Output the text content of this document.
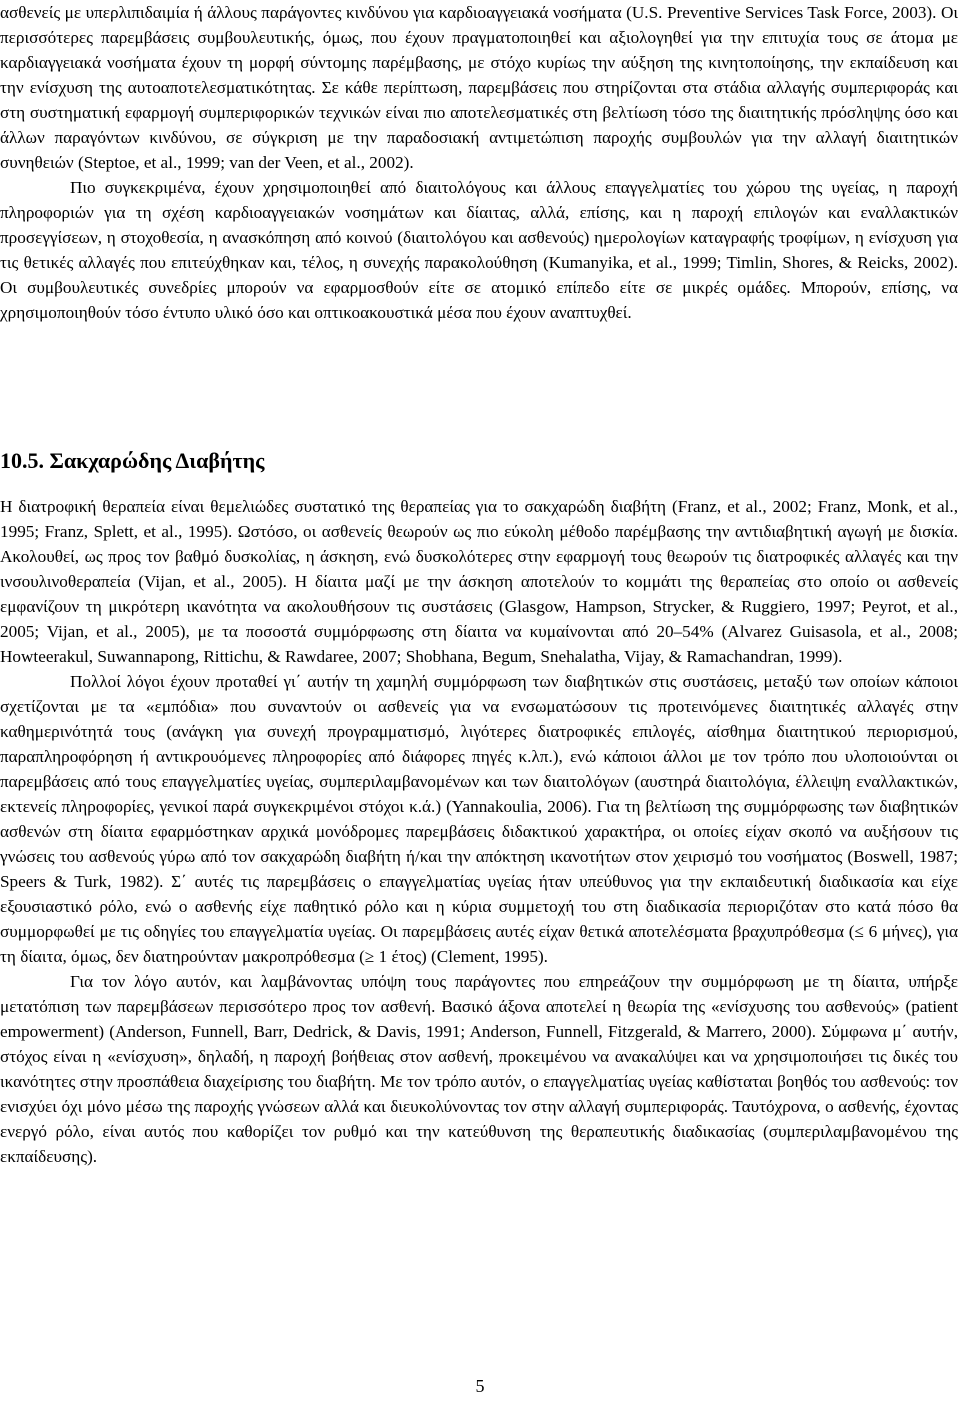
ασθενείς με υπερλιπιδαιμία ή άλλους παράγοντες κινδύνου για καρδιοαγγειακά νοσήματα (U.S. Preventive Services Task Force, 2003). Οι περισσότερες παρεμβάσεις συμβουλευτικής, όμως, που έχουν πραγματοποιηθεί και αξιολογηθεί για την επιτυχία τους σε άτομα με καρδιαγγειακά νοσήματα έχουν τη μορφή σύντομης παρέμβασης, με στόχο κυρίως την αύξηση της κινητοποίησης, την εκπαίδευση και την ενίσχυση της αυτοαποτελεσματικότητας. Σε κάθε περίπτωση, παρεμβάσεις που στηρίζονται στα στάδια αλλαγής συμπεριφοράς και στη συστηματική εφαρμογή συμπεριφορικών τεχνικών είναι πιο αποτελεσματικές στη βελτίωση τόσο της διαιτητικής πρόσληψης όσο και άλλων παραγόντων κινδύνου, σε σύγκριση με την παραδοσιακή αντιμετώπιση παροχής συμβουλών για την αλλαγή διαιτητικών συνηθειών (Steptoe, et al., 1999; van der Veen, et al., 2002).

Πιο συγκεκριμένα, έχουν χρησιμοποιηθεί από διαιτολόγους και άλλους επαγγελματίες του χώρου της υγείας, η παροχή πληροφοριών για τη σχέση καρδιοαγγειακών νοσημάτων και δίαιτας, αλλά, επίσης, και η παροχή επιλογών και εναλλακτικών προσεγγίσεων, η στοχοθεσία, η ανασκόπηση από κοινού (διαιτολόγου και ασθενούς) ημερολογίων καταγραφής τροφίμων, η ενίσχυση για τις θετικές αλλαγές που επιτεύχθηκαν και, τέλος, η συνεχής παρακολούθηση (Kumanyika, et al., 1999; Timlin, Shores, & Reicks, 2002). Οι συμβουλευτικές συνεδρίες μπορούν να εφαρμοσθούν είτε σε ατομικό επίπεδο είτε σε μικρές ομάδες. Μπορούν, επίσης, να χρησιμοποιηθούν τόσο έντυπο υλικό όσο και οπτικοακουστικά μέσα που έχουν αναπτυχθεί.

10.5. Σακχαρώδης Διαβήτης

Η διατροφική θεραπεία είναι θεμελιώδες συστατικό της θεραπείας για το σακχαρώδη διαβήτη (Franz, et al., 2002; Franz, Monk, et al., 1995; Franz, Splett, et al., 1995). Ωστόσο, οι ασθενείς θεωρούν ως πιο εύκολη μέθοδο παρέμβασης την αντιδιαβητική αγωγή με δισκία. Ακολουθεί, ως προς τον βαθμό δυσκολίας, η άσκηση, ενώ δυσκολότερες στην εφαρμογή τους θεωρούν τις διατροφικές αλλαγές και την ινσουλινοθεραπεία (Vijan, et al., 2005). Η δίαιτα μαζί με την άσκηση αποτελούν το κομμάτι της θεραπείας στο οποίο οι ασθενείς εμφανίζουν τη μικρότερη ικανότητα να ακολουθήσουν τις συστάσεις (Glasgow, Hampson, Strycker, & Ruggiero, 1997; Peyrot, et al., 2005; Vijan, et al., 2005), με τα ποσοστά συμμόρφωσης στη δίαιτα να κυμαίνονται από 20–54% (Alvarez Guisasola, et al., 2008; Howteerakul, Suwannapong, Rittichu, & Rawdaree, 2007; Shobhana, Begum, Snehalatha, Vijay, & Ramachandran, 1999).

Πολλοί λόγοι έχουν προταθεί γι΄ αυτήν τη χαμηλή συμμόρφωση των διαβητικών στις συστάσεις, μεταξύ των οποίων κάποιοι σχετίζονται με τα «εμπόδια» που συναντούν οι ασθενείς για να ενσωματώσουν τις προτεινόμενες διαιτητικές αλλαγές στην καθημερινότητά τους (ανάγκη για συνεχή προγραμματισμό, λιγότερες διατροφικές επιλογές, αίσθημα διαιτητικού περιορισμού, παραπληροφόρηση ή αντικρουόμενες πληροφορίες από διάφορες πηγές κ.λπ.), ενώ κάποιοι άλλοι με τον τρόπο που υλοποιούνται οι παρεμβάσεις από τους επαγγελματίες υγείας, συμπεριλαμβανομένων και των διαιτολόγων (αυστηρά διαιτολόγια, έλλειψη εναλλακτικών, εκτενείς πληροφορίες, γενικοί παρά συγκεκριμένοι στόχοι κ.ά.) (Yannakoulia, 2006). Για τη βελτίωση της συμμόρφωσης των διαβητικών ασθενών στη δίαιτα εφαρμόστηκαν αρχικά μονόδρομες παρεμβάσεις διδακτικού χαρακτήρα, οι οποίες είχαν σκοπό να αυξήσουν τις γνώσεις του ασθενούς γύρω από τον σακχαρώδη διαβήτη ή/και την απόκτηση ικανοτήτων στον χειρισμό του νοσήματος (Boswell, 1987; Speers & Turk, 1982). Σ΄ αυτές τις παρεμβάσεις ο επαγγελματίας υγείας ήταν υπεύθυνος για την εκπαιδευτική διαδικασία και είχε εξουσιαστικό ρόλο, ενώ ο ασθενής είχε παθητικό ρόλο και η κύρια συμμετοχή του στη διαδικασία περιοριζόταν στο κατά πόσο θα συμμορφωθεί με τις οδηγίες του επαγγελματία υγείας. Οι παρεμβάσεις αυτές είχαν θετικά αποτελέσματα βραχυπρόθεσμα (≤ 6 μήνες), για τη δίαιτα, όμως, δεν διατηρούνταν μακροπρόθεσμα (≥ 1 έτος) (Clement, 1995).

Για τον λόγο αυτόν, και λαμβάνοντας υπόψη τους παράγοντες που επηρεάζουν την συμμόρφωση με τη δίαιτα, υπήρξε μετατόπιση των παρεμβάσεων περισσότερο προς τον ασθενή. Βασικό άξονα αποτελεί η θεωρία της «ενίσχυσης του ασθενούς» (patient empowerment) (Anderson, Funnell, Barr, Dedrick, & Davis, 1991; Anderson, Funnell, Fitzgerald, & Marrero, 2000). Σύμφωνα μ΄ αυτήν, στόχος είναι η «ενίσχυση», δηλαδή, η παροχή βοήθειας στον ασθενή, προκειμένου να ανακαλύψει και να χρησιμοποιήσει τις δικές του ικανότητες στην προσπάθεια διαχείρισης του διαβήτη. Με τον τρόπο αυτόν, ο επαγγελματίας υγείας καθίσταται βοηθός του ασθενούς: τον ενισχύει όχι μόνο μέσω της παροχής γνώσεων αλλά και διευκολύνοντας τον στην αλλαγή συμπεριφοράς. Ταυτόχρονα, ο ασθενής, έχοντας ενεργό ρόλο, είναι αυτός που καθορίζει τον ρυθμό και την κατεύθυνση της θεραπευτικής διαδικασίας (συμπεριλαμβανομένου της εκπαίδευσης).

5
